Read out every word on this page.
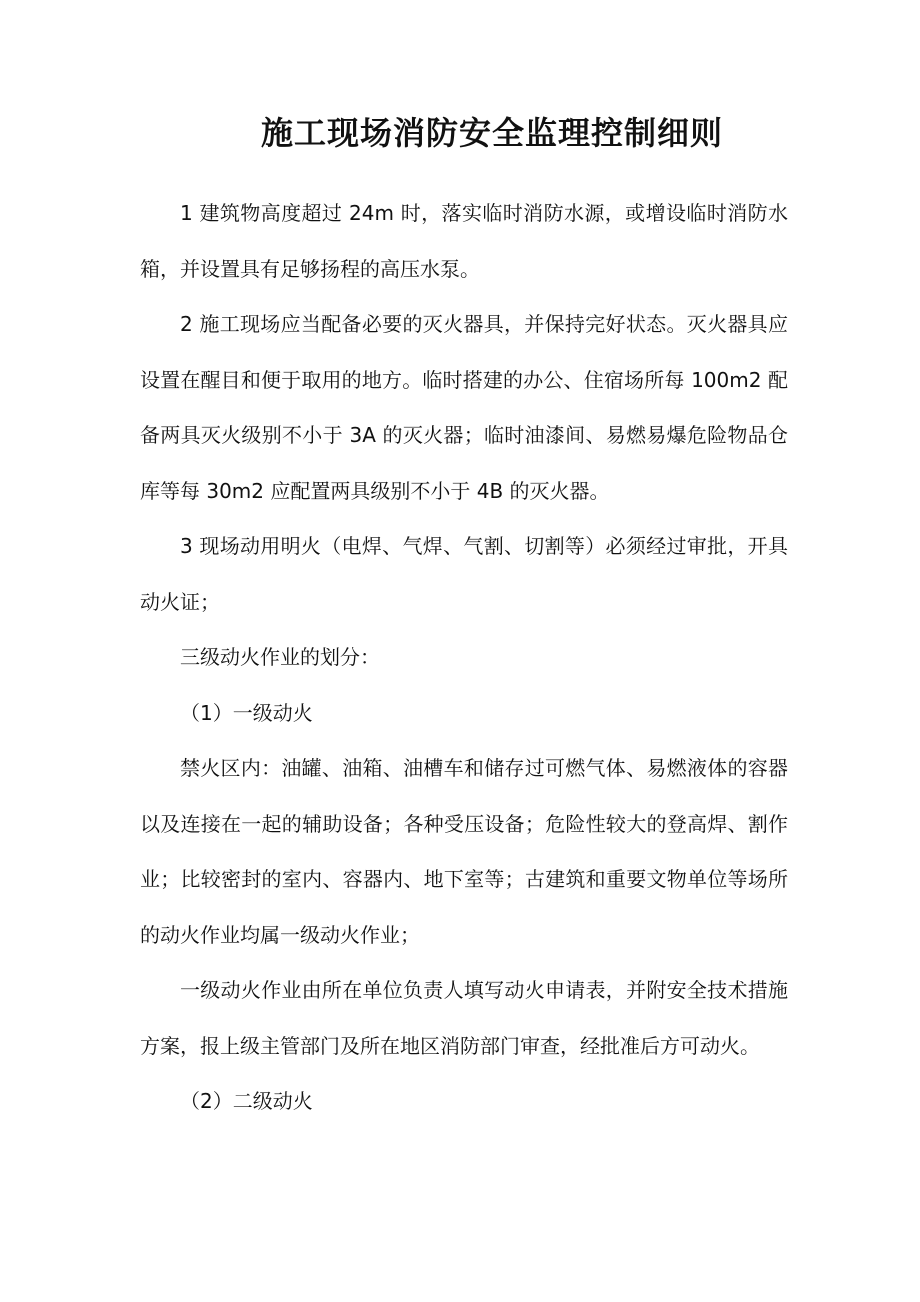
施工现场消防安全监理控制细则

1 建筑物高度超过 24m 时，落实临时消防水源，或增设临时消防水箱，并设置具有足够扬程的高压水泵。

2 施工现场应当配备必要的灭火器具，并保持完好状态。灭火器具应设置在醒目和便于取用的地方。临时搭建的办公、住宿场所每 100m2 配备两具灭火级别不小于 3A 的灭火器；临时油漆间、易燃易爆危险物品仓库等每 30m2 应配置两具级别不小于 4B 的灭火器。

3 现场动用明火（电焊、气焊、气割、切割等）必须经过审批，开具动火证；

三级动火作业的划分：

（1）一级动火

禁火区内：油罐、油箱、油槽车和储存过可燃气体、易燃液体的容器以及连接在一起的辅助设备；各种受压设备；危险性较大的登高焊、割作业；比较密封的室内、容器内、地下室等；古建筑和重要文物单位等场所的动火作业均属一级动火作业；

一级动火作业由所在单位负责人填写动火申请表，并附安全技术措施方案，报上级主管部门及所在地区消防部门审查，经批准后方可动火。

（2）二级动火
